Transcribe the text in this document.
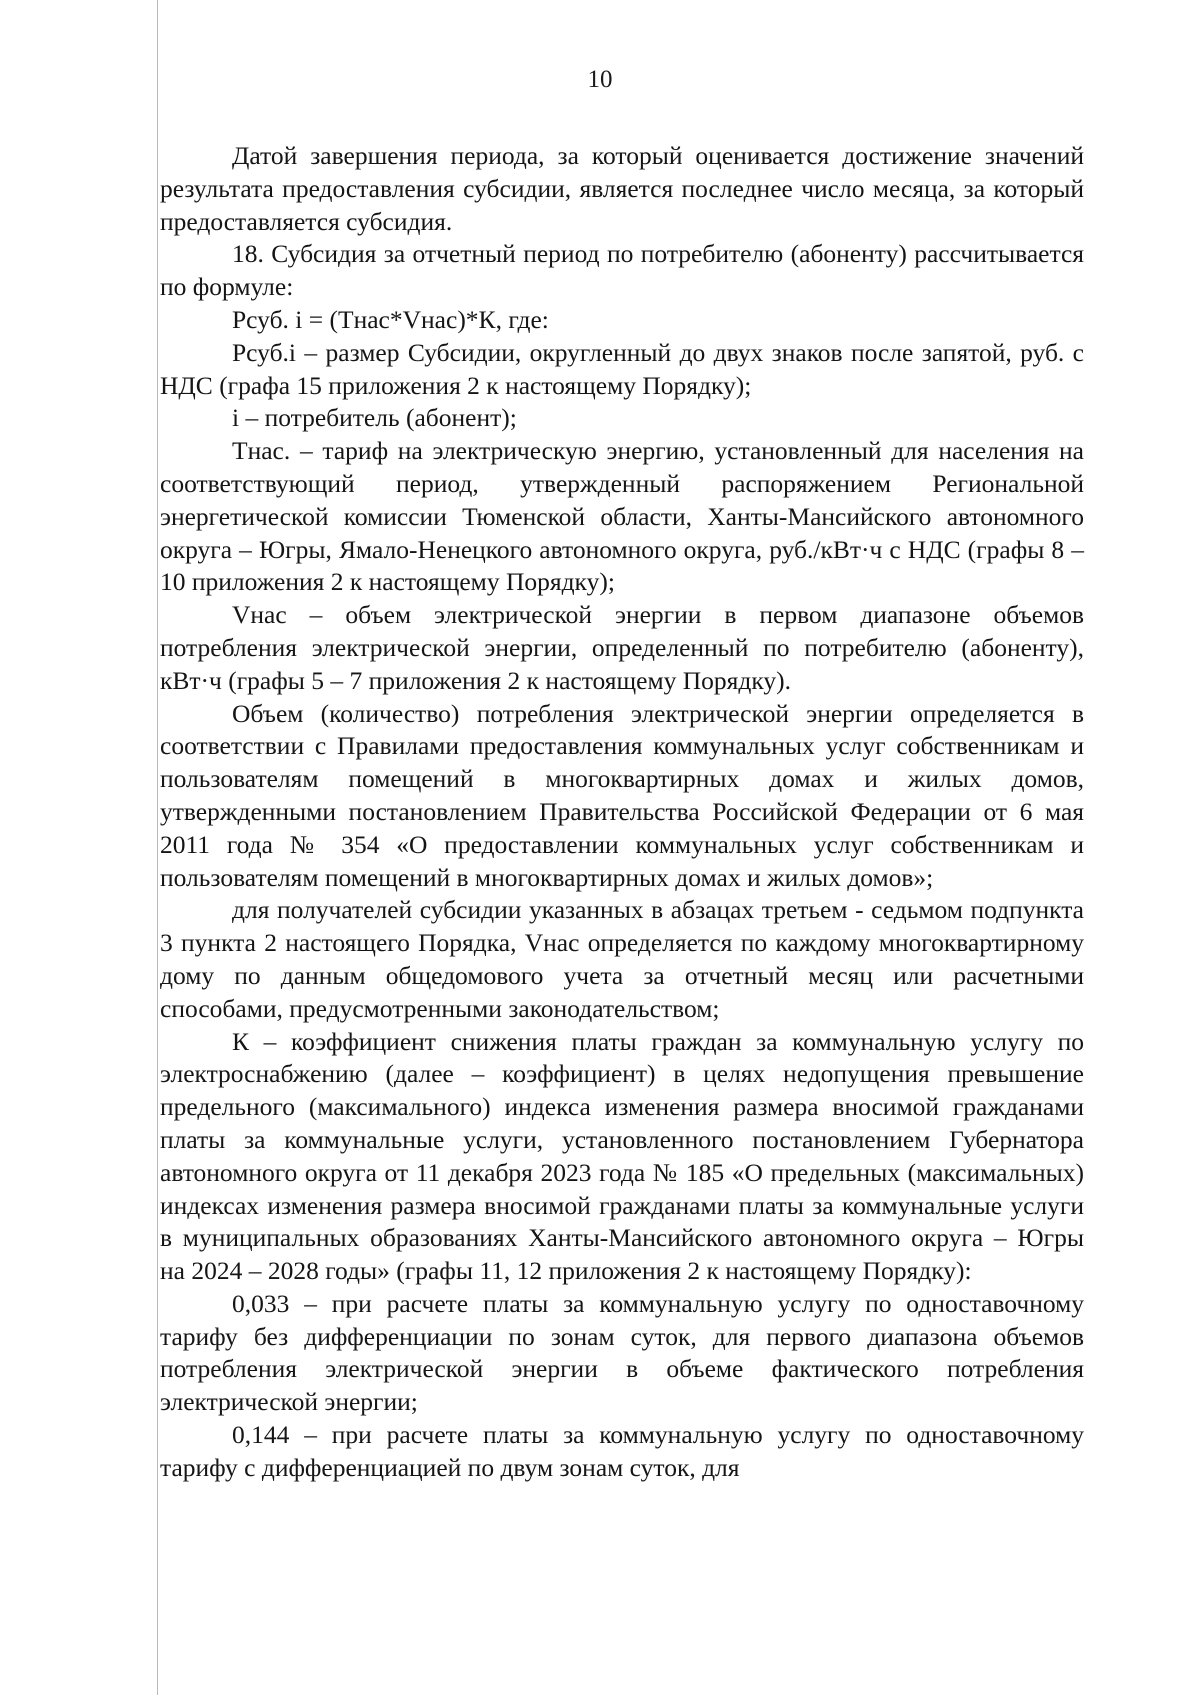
10

Датой завершения периода, за который оценивается достижение значений результата предоставления субсидии, является последнее число месяца, за который предоставляется субсидия.

18. Субсидия за отчетный период по потребителю (абоненту) рассчитывается по формуле:

Рсуб. i = (Тнас*Vнас)*К, где:

Рсуб.i – размер Субсидии, округленный до двух знаков после запятой, руб. с НДС (графа 15 приложения 2 к настоящему Порядку);

i – потребитель (абонент);

Тнас. – тариф на электрическую энергию, установленный для населения на соответствующий период, утвержденный распоряжением Региональной энергетической комиссии Тюменской области, Ханты-Мансийского автономного округа – Югры, Ямало-Ненецкого автономного округа, руб./кВт·ч с НДС (графы 8 – 10 приложения 2 к настоящему Порядку);

Vнас – объем электрической энергии в первом диапазоне объемов потребления электрической энергии, определенный по потребителю (абоненту), кВт·ч (графы 5 – 7 приложения 2 к настоящему Порядку).

Объем (количество) потребления электрической энергии определяется в соответствии с Правилами предоставления коммунальных услуг собственникам и пользователям помещений в многоквартирных домах и жилых домов, утвержденными постановлением Правительства Российской Федерации от 6 мая 2011 года № 354 «О предоставлении коммунальных услуг собственникам и пользователям помещений в многоквартирных домах и жилых домов»;

для получателей субсидии указанных в абзацах третьем - седьмом подпункта 3 пункта 2 настоящего Порядка, Vнас определяется по каждому многоквартирному дому по данным общедомового учета за отчетный месяц или расчетными способами, предусмотренными законодательством;

К – коэффициент снижения платы граждан за коммунальную услугу по электроснабжению (далее – коэффициент) в целях недопущения превышение предельного (максимального) индекса изменения размера вносимой гражданами платы за коммунальные услуги, установленного постановлением Губернатора автономного округа от 11 декабря 2023 года № 185 «О предельных (максимальных) индексах изменения размера вносимой гражданами платы за коммунальные услуги в муниципальных образованиях Ханты-Мансийского автономного округа – Югры на 2024 – 2028 годы» (графы 11, 12 приложения 2 к настоящему Порядку):

0,033 – при расчете платы за коммунальную услугу по одноставочному тарифу без дифференциации по зонам суток, для первого диапазона объемов потребления электрической энергии в объеме фактического потребления электрической энергии;

0,144 – при расчете платы за коммунальную услугу по одноставочному тарифу с дифференциацией по двум зонам суток, для
